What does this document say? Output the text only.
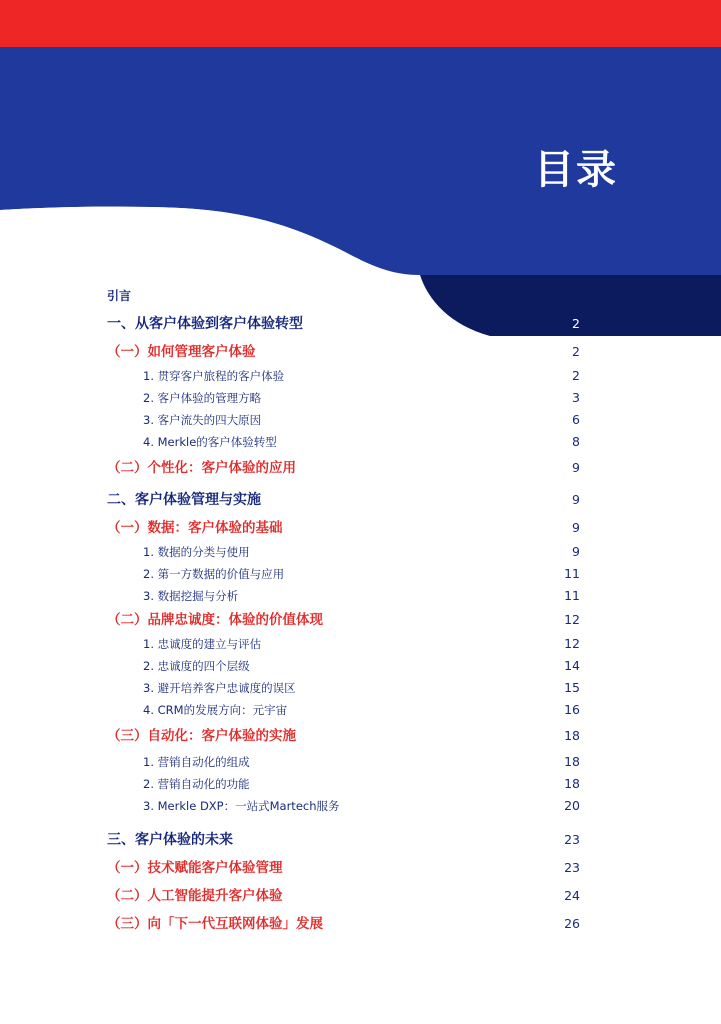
目录
引言
一、从客户体验到客户体验转型	2
（一）如何管理客户体验	2
1. 贯穿客户旅程的客户体验	2
2. 客户体验的管理方略	3
3. 客户流失的四大原因	6
4. Merkle的客户体验转型	8
（二）个性化：客户体验的应用	9
二、客户体验管理与实施	9
（一）数据：客户体验的基础	9
1. 数据的分类与使用	9
2. 第一方数据的价值与应用	11
3. 数据挖掘与分析	11
（二）品牌忠诚度：体验的价值体现	12
1. 忠诚度的建立与评估	12
2. 忠诚度的四个层级	14
3. 避开培养客户忠诚度的误区	15
4. CRM的发展方向：元宇宙	16
（三）自动化：客户体验的实施	18
1. 营销自动化的组成	18
2. 营销自动化的功能	18
3. Merkle DXP：一站式Martech服务	20
三、客户体验的未来	23
（一）技术赋能客户体验管理	23
（二）人工智能提升客户体验	24
（三）向「下一代互联网体验」发展	26
